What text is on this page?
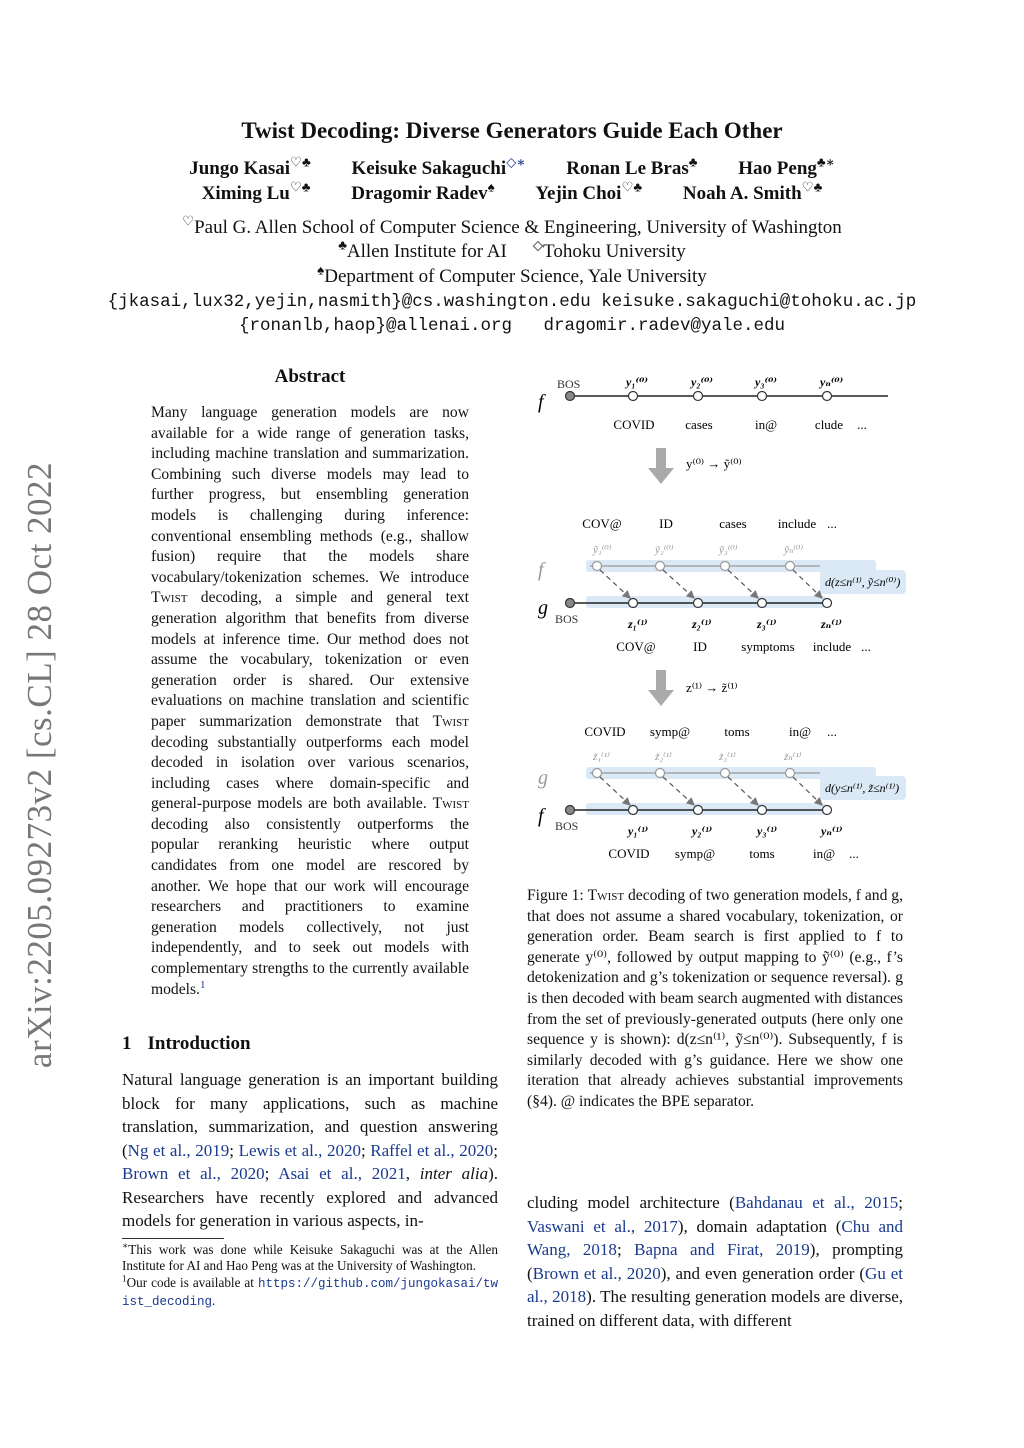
arXiv:2205.09273v2 [cs.CL] 28 Oct 2022
Twist Decoding: Diverse Generators Guide Each Other
Jungo Kasai♡♣ Keisuke Sakaguchi◇∗ Ronan Le Bras♣ Hao Peng♣∗
Ximing Lu♡♣ Dragomir Radev♠ Yejin Choi♡♣ Noah A. Smith♡♣
♡Paul G. Allen School of Computer Science & Engineering, University of Washington
♣Allen Institute for AI ◇Tohoku University
♠Department of Computer Science, Yale University
{jkasai,lux32,yejin,nasmith}@cs.washington.edu keisuke.sakaguchi@tohoku.ac.jp
{ronanlb,haop}@allenai.org   dragomir.radev@yale.edu
Abstract
Many language generation models are now available for a wide range of generation tasks, including machine translation and summarization. Combining such diverse models may lead to further progress, but ensembling generation models is challenging during inference: conventional ensembling methods (e.g., shallow fusion) require that the models share vocabulary/tokenization schemes. We introduce Twist decoding, a simple and general text generation algorithm that benefits from diverse models at inference time. Our method does not assume the vocabulary, tokenization or even generation order is shared. Our extensive evaluations on machine translation and scientific paper summarization demonstrate that Twist decoding substantially outperforms each model decoded in isolation over various scenarios, including cases where domain-specific and general-purpose models are both available. Twist decoding also consistently outperforms the popular reranking heuristic where output candidates from one model are rescored by another. We hope that our work will encourage researchers and practitioners to examine generation models collectively, not just independently, and to seek out models with complementary strengths to the currently available models.$^1$
1 Introduction
Natural language generation is an important building block for many applications, such as machine translation, summarization, and question answering (Ng et al., 2019; Lewis et al., 2020; Raffel et al., 2020; Brown et al., 2020; Asai et al., 2021, inter alia). Researchers have recently explored and advanced models for generation in various aspects, in-
∗This work was done while Keisuke Sakaguchi was at the Allen Institute for AI and Hao Peng was at the University of Washington.
$^1$Our code is available at https://github.com/jungokasai/twist_decoding.
f
BOS	y₁⁽⁰⁾	y₂⁽⁰⁾	y₃⁽⁰⁾	yₙ⁽⁰⁾
COVID cases	in@	clude ...
y⁽⁰⁾ → ỹ⁽⁰⁾
COV@	ID	cases include ...
ỹ₁⁽⁰⁾	ỹ₂⁽⁰⁾	ỹ₃⁽⁰⁾	ỹₙ⁽⁰⁾
d(z≤n⁽¹⁾, ỹ≤n⁽⁰⁾)
f
g BOS	z₁⁽¹⁾	z₂⁽¹⁾	z₃⁽¹⁾	zₙ⁽¹⁾
COV@	ID	symptoms include ...
z⁽¹⁾ → z̃⁽¹⁾
COVID symp@	toms	in@ ...
z̃₁⁽¹⁾	z̃₂⁽¹⁾	z̃₃⁽¹⁾	z̃ₙ⁽¹⁾
d(y≤n⁽¹⁾, z̃≤n⁽¹⁾)
g
f BOS	y₁⁽¹⁾	y₂⁽¹⁾	y₃⁽¹⁾	yₙ⁽¹⁾
COVID symp@	toms	in@ ...
Figure 1: Twist decoding of two generation models, f and g, that does not assume a shared vocabulary, tokenization, or generation order. Beam search is first applied to f to generate y⁽⁰⁾, followed by output mapping to ỹ⁽⁰⁾ (e.g., f’s detokenization and g’s tokenization or sequence reversal). g is then decoded with beam search augmented with distances from the set of previously-generated outputs (here only one sequence y is shown): d(z≤n⁽¹⁾, ỹ≤n⁽⁰⁾). Subsequently, f is similarly decoded with g’s guidance. Here we show one iteration that already achieves substantial improvements (§4). @ indicates the BPE separator.
cluding model architecture (Bahdanau et al., 2015; Vaswani et al., 2017), domain adaptation (Chu and Wang, 2018; Bapna and Firat, 2019), prompting (Brown et al., 2020), and even generation order (Gu et al., 2018). The resulting generation models are diverse, trained on different data, with different
